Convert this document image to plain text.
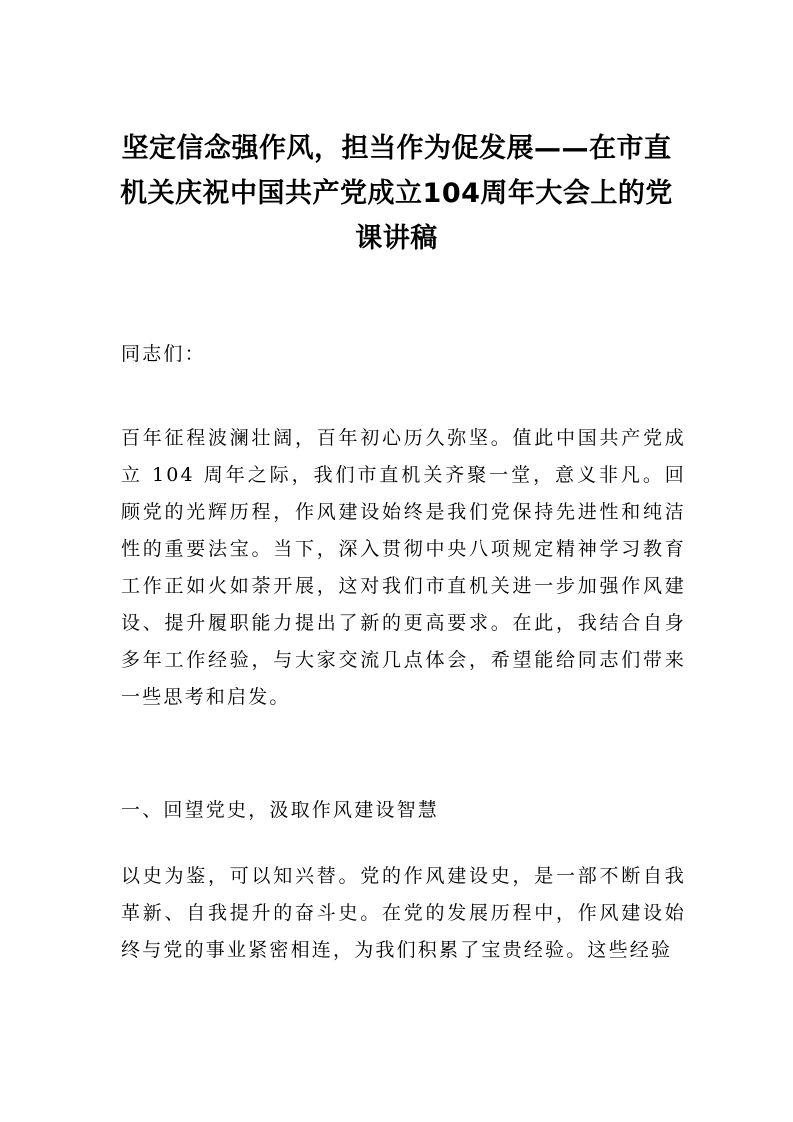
坚定信念强作风，担当作为促发展——在市直机关庆祝中国共产党成立104周年大会上的党课讲稿

同志们：

百年征程波澜壮阔，百年初心历久弥坚。值此中国共产党成立 104 周年之际，我们市直机关齐聚一堂，意义非凡。回顾党的光辉历程，作风建设始终是我们党保持先进性和纯洁性的重要法宝。当下，深入贯彻中央八项规定精神学习教育工作正如火如荼开展，这对我们市直机关进一步加强作风建设、提升履职能力提出了新的更高要求。在此，我结合自身多年工作经验，与大家交流几点体会，希望能给同志们带来一些思考和启发。

一、回望党史，汲取作风建设智慧

以史为鉴，可以知兴替。党的作风建设史，是一部不断自我革新、自我提升的奋斗史。在党的发展历程中，作风建设始终与党的事业紧密相连，为我们积累了宝贵经验。这些经验
